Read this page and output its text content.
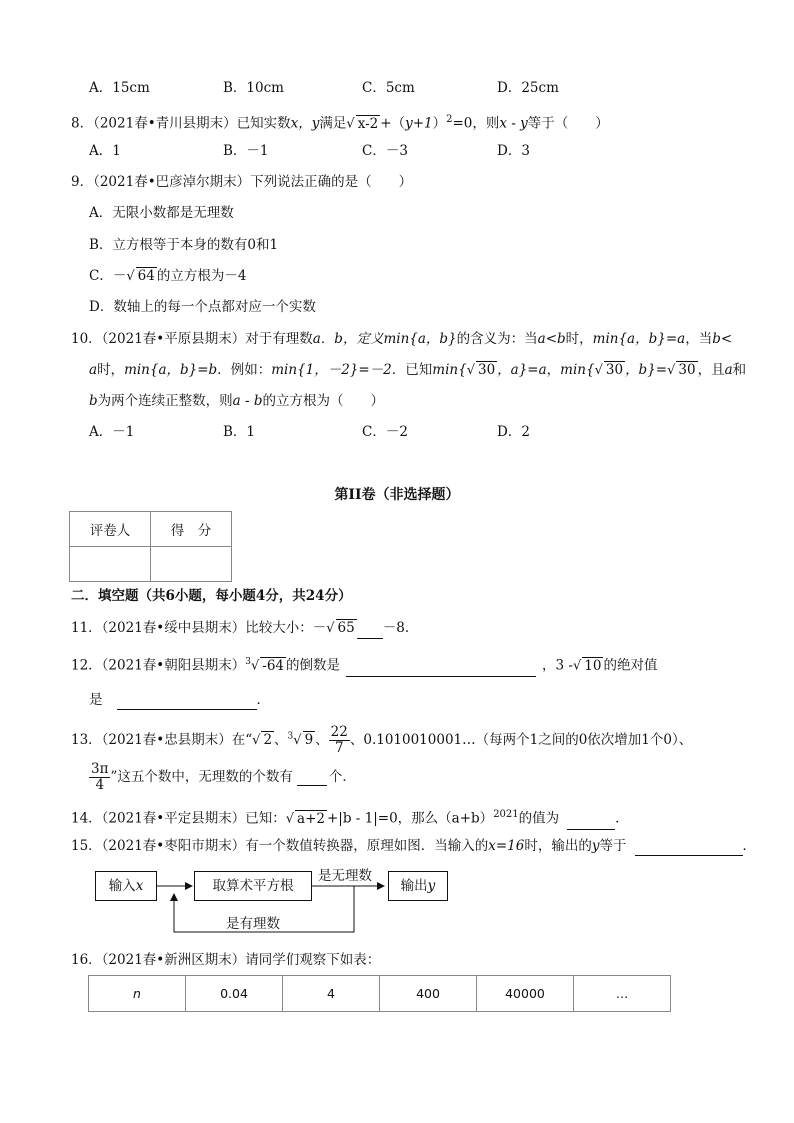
A．15cm	B．10cm	C．5cm	D．25cm
8．（2021春•青川县期末）已知实数x，y满足√ $x-2 +(y+1)^2=0$，则x - y等于（　　）
A．1	B．－1	C．－3	D．3
9．（2021春•巴彦淖尔期末）下列说法正确的是（　　）
A．无限小数都是无理数
B．立方根等于本身的数有0和1
C．－√ 64 的立方根为－4
D．数轴上的每一个点都对应一个实数
10．（2021春•平原县期末）对于有理数a．b，定义min{a，b}的含义为：当a<b时，min{a，b}=a，当b<
a时，min{a，b}=b．例如：min{1，－2}=－2．已知min{√ 30 ，a}=a，min{√ 30 ，b}=√ 30 ，且a和
b为两个连续正整数，则a - b的立方根为（　　）
A．－1	B．1	C．－2	D．2
第II卷（非选择题）
评卷人	得　分

二．填空题（共6小题，每小题4分，共24分）
11．（2021春•绥中县期末）比较大小：－√ 65 －8．
12．（2021春•朝阳县期末）$^3$√ -64 的倒数是	，3 -√ 10 的绝对值
是	．
13．（2021春•忠县期末）在“√ 2 、$^3$√ 9 、 $\frac{22}{7}$ 、0.1010010001…（每两个1之间的0依次增加1个0）、
$\frac{3\pi}{4}$ ”这五个数中，无理数的个数有	个．
14．（2021春•平定县期末）已知：√ a+2 +|b - 1|=0，那么$(a+b)^{2021}$的值为	．
15．（2021春•枣阳市期末）有一个数值转换器，原理如图．当输入的x=16时，输出的y等于	．
输入x	取算术平方根
是无理数
输出y
是有理数
16．（2021春•新洲区期末）请同学们观察下如表：
n	0.04	4	400	40000	…
